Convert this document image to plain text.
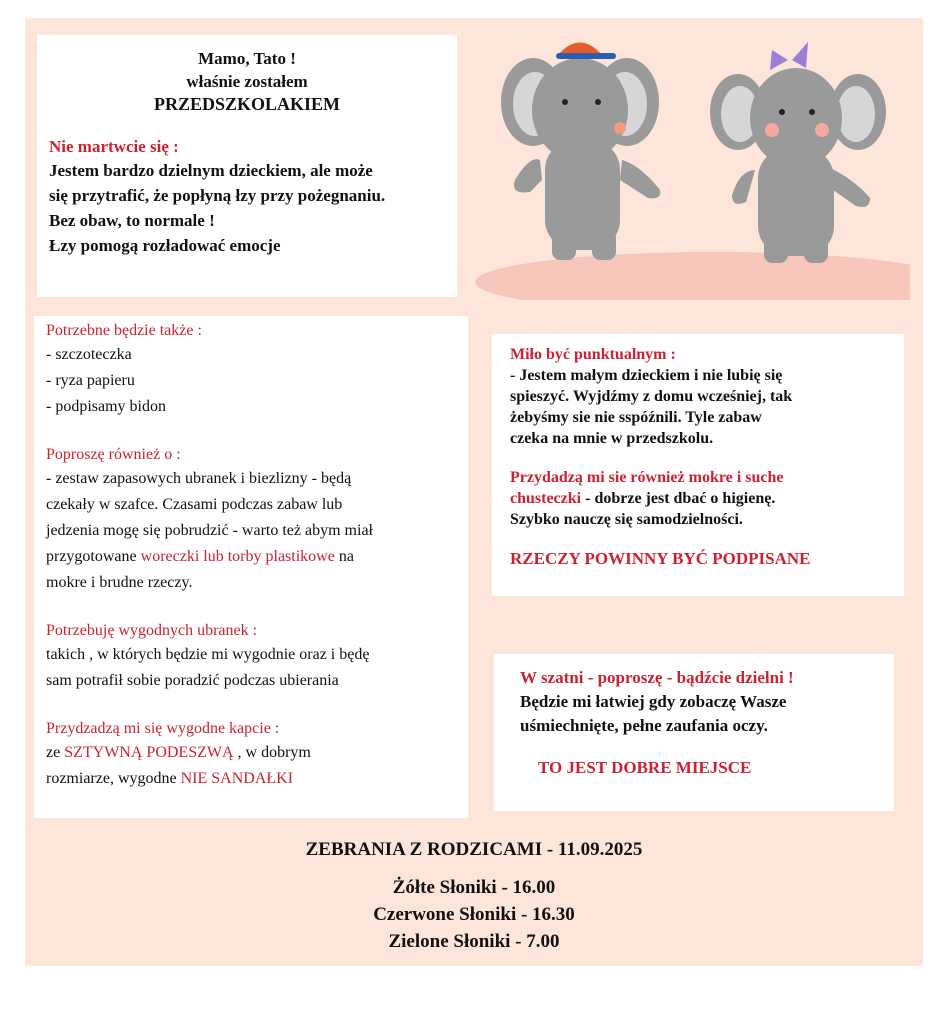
Mamo, Tato !

właśnie zostałem

PRZEDSZKOLAKIEM

Nie martwcie się :

Jestem bardzo dzielnym dzieckiem, ale może

się przytrafić, że popłyną łzy przy pożegnaniu.

Bez obaw, to normale !

Łzy pomogą rozładować emocje

Potrzebne będzie także :

- szczoteczka

- ryza papieru

- podpisamy bidon

Poproszę również o :

- zestaw zapasowych ubranek i biezlizny - będą

czekały w szafce. Czasami podczas zabaw lub

jedzenia mogę się pobrudzić - warto też abym miał

przygotowane woreczki lub torby plastikowe na

mokre i brudne rzeczy.

Potrzebuję wygodnych ubranek :

takich , w których będzie mi wygodnie oraz i będę

sam potrafił sobie poradzić podczas ubierania

Przydzadzą mi się wygodne kapcie :

ze SZTYWNĄ PODESZWĄ , w dobrym

rozmiarze, wygodne NIE SANDAŁKI

Miło być punktualnym :

- Jestem małym dzieckiem i nie lubię się

spieszyć. Wyjdźmy z domu wcześniej, tak

żebyśmy sie nie sspóźnili. Tyle zabaw

czeka na mnie w przedszkolu.

Przydadzą mi sie również mokre i suche

chusteczki - dobrze jest dbać o higienę.

Szybko nauczę się samodzielności.

RZECZY POWINNY BYĆ PODPISANE

W szatni - poproszę - bądźcie dzielni !

Będzie mi łatwiej gdy zobaczę Wasze

uśmiechnięte, pełne zaufania oczy.

TO JEST DOBRE MIEJSCE

ZEBRANIA Z RODZICAMI - 11.09.2025

Żółte Słoniki - 16.00

Czerwone Słoniki - 16.30

Zielone Słoniki - 7.00
